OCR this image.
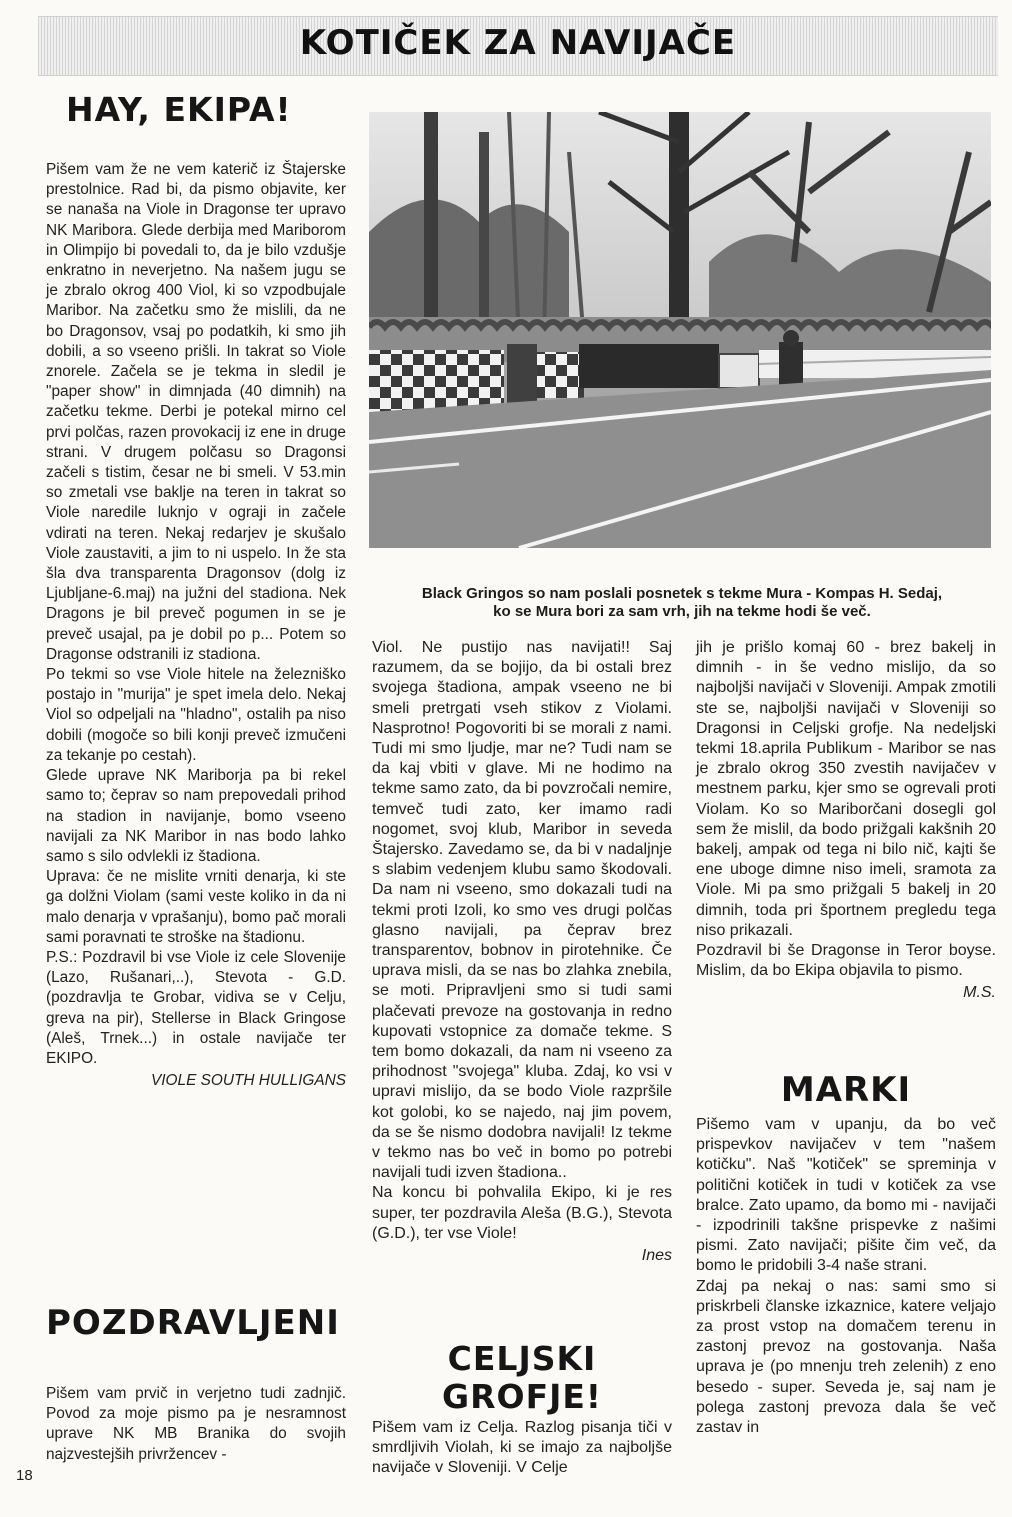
KOTIČEK ZA NAVIJAČE
HAY, EKIPA!

Pišem vam že ne vem katerič iz Štajerske prestolnice. Rad bi, da pismo objavite, ker se nanaša na Viole in Dragonse ter upravo NK Maribora. Glede derbija med Mariborom in Olimpijo bi povedali to, da je bilo vzdušje enkratno in neverjetno. Na našem jugu se je zbralo okrog 400 Viol, ki so vzpodbujale Maribor. Na začetku smo že mislili, da ne bo Dragonsov, vsaj po podatkih, ki smo jih dobili, a so vseeno prišli. In takrat so Viole znorele. Začela se je tekma in sledil je "paper show" in dimnjada (40 dimnih) na začetku tekme. Derbi je potekal mirno cel prvi polčas, razen provokacij iz ene in druge strani. V drugem polčasu so Dragonsi začeli s tistim, česar ne bi smeli. V 53.min so zmetali vse baklje na teren in takrat so Viole naredile luknjo v ograji in začele vdirati na teren. Nekaj redarjev je skušalo Viole zaustaviti, a jim to ni uspelo. In že sta šla dva transparenta Dragonsov (dolg iz Ljubljane-6.maj) na južni del stadiona. Nek Dragons je bil preveč pogumen in se je preveč usajal, pa je dobil po p... Potem so Dragonse odstranili iz stadiona.

Po tekmi so vse Viole hitele na železniško postajo in "murija" je spet imela delo. Nekaj Viol so odpeljali na "hladno", ostalih pa niso dobili (mogoče so bili konji preveč izmučeni za tekanje po cestah).

Glede uprave NK Mariborja pa bi rekel samo to; čeprav so nam prepovedali prihod na stadion in navijanje, bomo vseeno navijali za NK Maribor in nas bodo lahko samo s silo odvlekli iz štadiona.

Uprava: če ne mislite vrniti denarja, ki ste ga dolžni Violam (sami veste koliko in da ni malo denarja v vprašanju), bomo pač morali sami poravnati te stroške na štadionu.

P.S.: Pozdravil bi vse Viole iz cele Slovenije (Lazo, Rušanari,..), Stevota - G.D. (pozdravlja te Grobar, vidiva se v Celju, greva na pir), Stellerse in Black Gringose (Aleš, Trnek...) in ostale navijače ter EKIPO.

VIOLE SOUTH HULLIGANS
POZDRAVLJENI

Pišem vam prvič in verjetno tudi zadnjič. Povod za moje pismo pa je nesramnost uprave NK MB Branika do svojih najzvestejših privržencev -

Black Gringos so nam poslali posnetek s tekme Mura - Kompas H. Sedaj,
ko se Mura bori za sam vrh, jih na tekme hodi še več.

Viol. Ne pustijo nas navijati!! Saj razumem, da se bojijo, da bi ostali brez svojega štadiona, ampak vseeno ne bi smeli pretrgati vseh stikov z Violami. Nasprotno! Pogovoriti bi se morali z nami. Tudi mi smo ljudje, mar ne? Tudi nam se da kaj vbiti v glave. Mi ne hodimo na tekme samo zato, da bi povzročali nemire, temveč tudi zato, ker imamo radi nogomet, svoj klub, Maribor in seveda Štajersko. Zavedamo se, da bi v nadaljnje s slabim vedenjem klubu samo škodovali. Da nam ni vseeno, smo dokazali tudi na tekmi proti Izoli, ko smo ves drugi polčas glasno navijali, pa čeprav brez transparentov, bobnov in pirotehnike. Če uprava misli, da se nas bo zlahka znebila, se moti. Pripravljeni smo si tudi sami plačevati prevoze na gostovanja in redno kupovati vstopnice za domače tekme. S tem bomo dokazali, da nam ni vseeno za prihodnost "svojega" kluba. Zdaj, ko vsi v upravi mislijo, da se bodo Viole razpršile kot golobi, ko se najedo, naj jim povem, da se še nismo dodobra navijali! Iz tekme v tekmo nas bo več in bomo po potrebi navijali tudi izven štadiona..

Na koncu bi pohvalila Ekipo, ki je res super, ter pozdravila Aleša (B.G.), Stevota (G.D.), ter vse Viole!

Ines
CELJSKI
GROFJE!

Pišem vam iz Celja. Razlog pisanja tiči v smrdljivih Violah, ki se imajo za najboljše navijače v Sloveniji. V Celje

jih je prišlo komaj 60 - brez bakelj in dimnih - in še vedno mislijo, da so najboljši navijači v Sloveniji. Ampak zmotili ste se, najboljši navijači v Sloveniji so Dragonsi in Celjski grofje. Na nedeljski tekmi 18.aprila Publikum - Maribor se nas je zbralo okrog 350 zvestih navijačev v mestnem parku, kjer smo se ogrevali proti Violam. Ko so Mariborčani dosegli gol sem že mislil, da bodo prižgali kakšnih 20 bakelj, ampak od tega ni bilo nič, kajti še ene uboge dimne niso imeli, sramota za Viole. Mi pa smo prižgali 5 bakelj in 20 dimnih, toda pri športnem pregledu tega niso prikazali.

Pozdravil bi še Dragonse in Teror boyse. Mislim, da bo Ekipa objavila to pismo.

M.S.
MARKI

Pišemo vam v upanju, da bo več prispevkov navijačev v tem "našem kotičku". Naš "kotiček" se spreminja v politični kotiček in tudi v kotiček za vse bralce. Zato upamo, da bomo mi - navijači - izpodrinili takšne prispevke z našimi pismi. Zato navijači; pišite čim več, da bomo le pridobili 3-4 naše strani.

Zdaj pa nekaj o nas: sami smo si priskrbeli članske izkaznice, katere veljajo za prost vstop na domačem terenu in zastonj prevoz na gostovanja. Naša uprava je (po mnenju treh zelenih) z eno besedo - super. Seveda je, saj nam je polega zastonj prevoza dala še več zastav in

18
